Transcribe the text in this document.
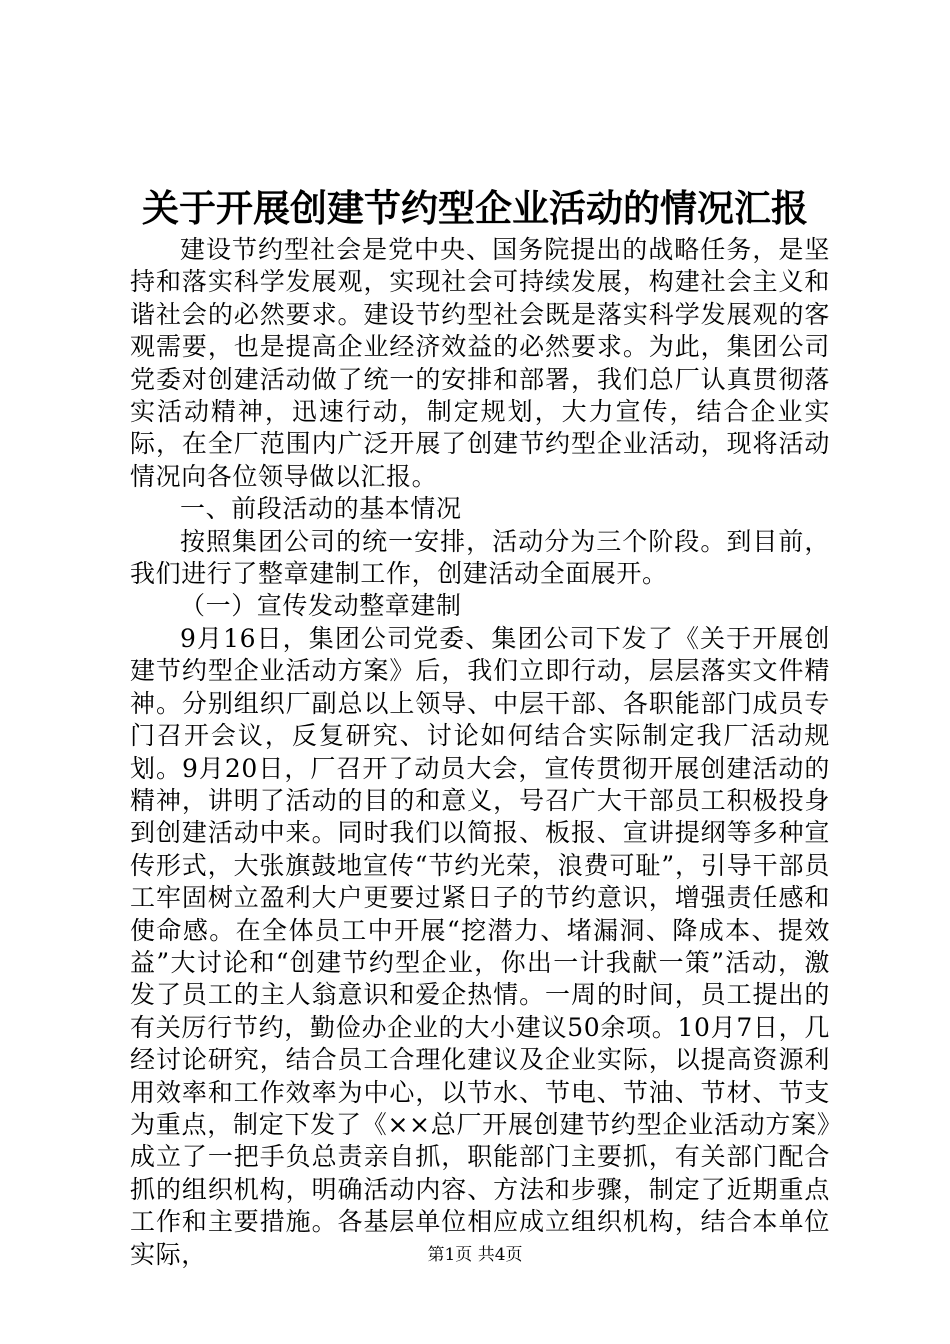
关于开展创建节约型企业活动的情况汇报

建设节约型社会是党中央、国务院提出的战略任务，是坚持和落实科学发展观，实现社会可持续发展，构建社会主义和谐社会的必然要求。建设节约型社会既是落实科学发展观的客观需要，也是提高企业经济效益的必然要求。为此，集团公司党委对创建活动做了统一的安排和部署，我们总厂认真贯彻落实活动精神，迅速行动，制定规划，大力宣传，结合企业实际，在全厂范围内广泛开展了创建节约型企业活动，现将活动情况向各位领导做以汇报。

一、前段活动的基本情况

按照集团公司的统一安排，活动分为三个阶段。到目前，我们进行了整章建制工作，创建活动全面展开。

（一）宣传发动整章建制

9月16日，集团公司党委、集团公司下发了《关于开展创建节约型企业活动方案》后，我们立即行动，层层落实文件精神。分别组织厂副总以上领导、中层干部、各职能部门成员专门召开会议，反复研究、讨论如何结合实际制定我厂活动规划。9月20日，厂召开了动员大会，宣传贯彻开展创建活动的精神，讲明了活动的目的和意义，号召广大干部员工积极投身到创建活动中来。同时我们以简报、板报、宣讲提纲等多种宣传形式，大张旗鼓地宣传“节约光荣，浪费可耻”，引导干部员工牢固树立盈利大户更要过紧日子的节约意识，增强责任感和使命感。在全体员工中开展“挖潜力、堵漏洞、降成本、提效益”大讨论和“创建节约型企业，你出一计我献一策”活动，激发了员工的主人翁意识和爱企热情。一周的时间，员工提出的有关厉行节约，勤俭办企业的大小建议50余项。10月7日，几经讨论研究，结合员工合理化建议及企业实际，以提高资源利用效率和工作效率为中心，以节水、节电、节油、节材、节支为重点，制定下发了《××总厂开展创建节约型企业活动方案》成立了一把手负总责亲自抓，职能部门主要抓，有关部门配合抓的组织机构，明确活动内容、方法和步骤，制定了近期重点工作和主要措施。各基层单位相应成立组织机构，结合本单位实际，	第1页 共4页
